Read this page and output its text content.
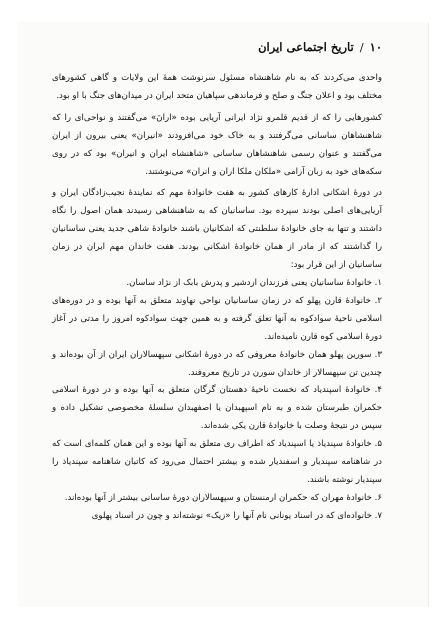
۱۰
/
تاریخ اجتماعی ایران

واحدی می‌کردند که به نام شاهنشاه مسئول سرنوشت همهٔ این ولایات و گاهی کشورهای مختلف بود و اعلان جنگ و صلح و فرماندهی سپاهیان متحد ایران در میدان‌های جنگ با او بود.

کشورهایی را که از قدیم قلمرو نژاد ایرانی آریایی بوده «ارانَ» می‌گفتند و نواحی‌ای را که شاهنشاهان ساسانی می‌گرفتند و به خاک خود می‌افزودند «انیران» یعنی بیرون از ایران می‌گفتند و عنوان رسمی شاهنشاهان ساسانی «شاهنشاه ایران و انیران» بود که در روی سکه‌های خود به زبان آرامی «ملکان ملکا اران و انران» می‌نوشتند.

در دورهٔ اشکانی ادارهٔ کارهای کشور به هفت خانوادهٔ مهم که نمایندهٔ نجیب‌زادگان ایران و آریایی‌های اصلی بودند سپرده بود. ساسانیان که به شاهنشاهی رسیدند همان اصول را نگاه داشتند و تنها به جای خانوادهٔ سلطنتی که اشکانیان باشند خانوادهٔ شاهی جدید یعنی ساسانیان را گذاشتند که از مادر از همان خانوادهٔ اشکانی بودند. هفت خاندان مهم ایران در زمان ساسانیان از این قرار بود:

۱. خانوادهٔ ساسانیان یعنی فرزندان اردشیر و پدرش بابک از نژاد ساسان.

۲. خانوادهٔ قارن پهلو که در زمان ساسانیان نواحی نهاوند متعلق به آنها بوده و در دوره‌های اسلامی ناحیهٔ سوادکوه به آنها تعلق گرفته و به همین جهت سوادکوه امروز را مدتی در آغاز دورهٔ اسلامی کوه قارن نامیده‌اند.

۳. سورین پهلو همان خانوادهٔ معروفی که در دورهٔ اشکانی سپهسالاران ایران از آن بوده‌اند و چندین تن سپهسالار از خاندان سورن در تاریخ معروفند.

۴. خانوادهٔ اسپندیاد که نخست ناحیهٔ دهستان گرگان متعلق به آنها بوده و در دورهٔ اسلامی حکمران طبرستان شده و به نام اسپهبدان یا اصفهبدان سلسلهٔ مخصوصی تشکیل داده و سپس در نتیجهٔ وصلت با خانوادهٔ قارن یکی شده‌اند.

۵. خانوادهٔ سپندیاذ یا اسپندیاد که اطراف ری متعلق به آنها بوده و این همان کلمه‌ای است که در شاهنامه سپندیار و اسفندیار شده و بیشتر احتمال می‌رود که کاتبان شاهنامه سپندیاذ را سپندیار نوشته باشند.

۶. خانوادهٔ مهران که حکمران ارمنستان و سپهسالاران دورهٔ ساسانی بیشتر از آنها بوده‌اند.

۷. خانواده‌ای که در اسناد یونانی نام آنها را «زیک» نوشته‌اند و چون در اسناد پهلوی
